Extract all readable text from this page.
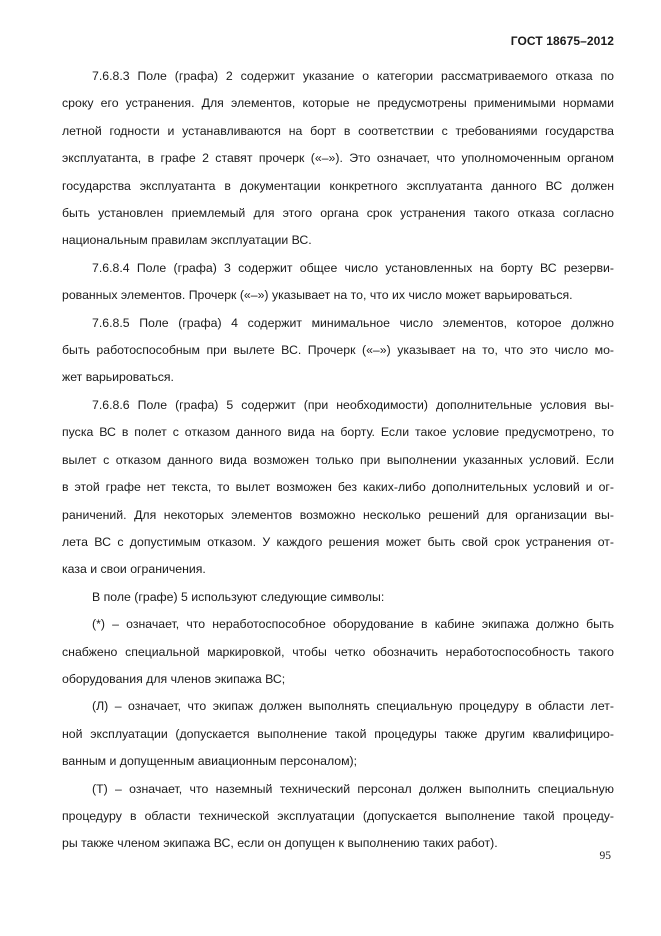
ГОСТ 18675–2012

7.6.8.3 Поле (графа) 2 содержит указание о категории рассматриваемого отказа по
сроку его устранения. Для элементов, которые не предусмотрены применимыми нормами
летной годности и устанавливаются на борт в соответствии с требованиями государства
эксплуатанта, в графе 2 ставят прочерк («–»). Это означает, что уполномоченным органом
государства эксплуатанта в документации конкретного эксплуатанта данного ВС должен
быть установлен приемлемый для этого органа срок устранения такого отказа согласно
национальным правилам эксплуатации ВС.

7.6.8.4 Поле (графа) 3 содержит общее число установленных на борту ВС резерви-
рованных элементов. Прочерк («–») указывает на то, что их число может варьироваться.

7.6.8.5 Поле (графа) 4 содержит минимальное число элементов, которое должно
быть работоспособным при вылете ВС. Прочерк («–») указывает на то, что это число мо-
жет варьироваться.

7.6.8.6 Поле (графа) 5 содержит (при необходимости) дополнительные условия вы-
пуска ВС в полет с отказом данного вида на борту. Если такое условие предусмотрено, то
вылет с отказом данного вида возможен только при выполнении указанных условий. Если
в этой графе нет текста, то вылет возможен без каких-либо дополнительных условий и ог-
раничений. Для некоторых элементов возможно несколько решений для организации вы-
лета ВС с допустимым отказом. У каждого решения может быть свой срок устранения от-
каза и свои ограничения.

В поле (графе) 5 используют следующие символы:

(*) – означает, что неработоспособное оборудование в кабине экипажа должно быть
снабжено специальной маркировкой, чтобы четко обозначить неработоспособность такого
оборудования для членов экипажа ВС;

(Л) – означает, что экипаж должен выполнять специальную процедуру в области лет-
ной эксплуатации (допускается выполнение такой процедуры также другим квалифициро-
ванным и допущенным авиационным персоналом);

(Т) – означает, что наземный технический персонал должен выполнить специальную
процедуру в области технической эксплуатации (допускается выполнение такой процеду-
ры также членом экипажа ВС, если он допущен к выполнению таких работ).

95
